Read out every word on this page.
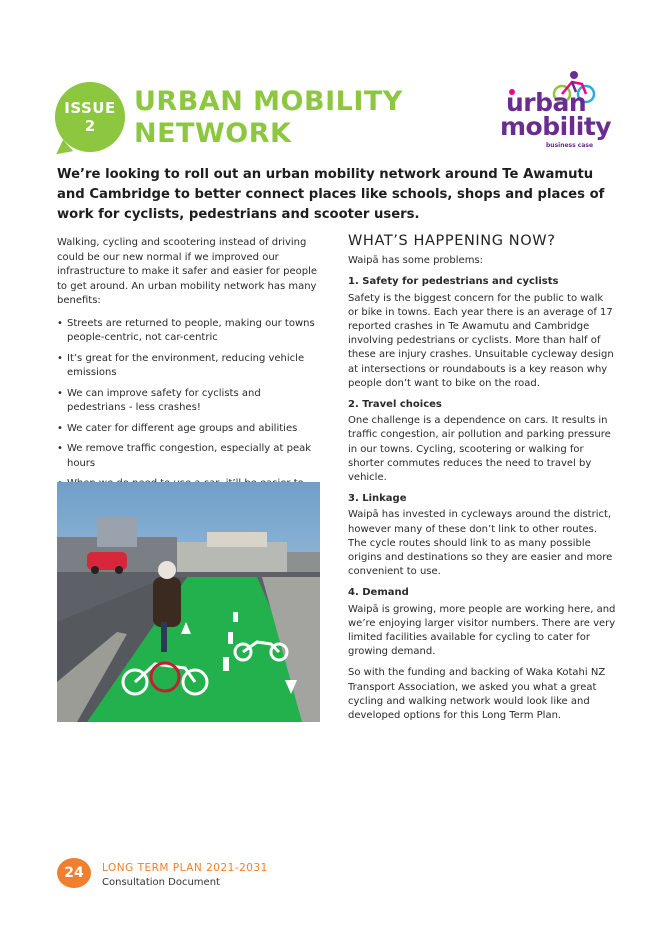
ISSUE
2
URBAN MOBILITY
NETWORK
urban
mobility
business case
We’re looking to roll out an urban mobility network around Te Awamutu and Cambridge to better connect places like schools, shops and places of work for cyclists, pedestrians and scooter users.

Walking, cycling and scootering instead of driving could be our new normal if we improved our infrastructure to make it safer and easier for people to get around. An urban mobility network has many benefits:

• Streets are returned to people, making our towns people-centric, not car-centric
• It’s great for the environment, reducing vehicle emissions
• We can improve safety for cyclists and pedestrians - less crashes!
• We cater for different age groups and abilities
• We remove traffic congestion, especially at peak hours
•
WHAT’S HAPPENING NOW?

Waipā has some problems:

1. Safety for pedestrians and cyclists

Safety is the biggest concern for the public to walk or bike in towns. Each year there is an average of 17 reported crashes in Te Awamutu and Cambridge involving pedestrians or cyclists. More than half of these are injury crashes. Unsuitable cycleway design at intersections or roundabouts is a key reason why people don’t want to bike on the road.

2. Travel choices

One challenge is a dependence on cars. It results in traffic congestion, air pollution and parking pressure in our towns. Cycling, scootering or walking for shorter commutes reduces the need to travel by vehicle.

3. Linkage

Waipā has invested in cycleways around the district, however many of these don’t link to other routes. The cycle routes should link to as many possible origins and destinations so they are easier and more convenient to use.

4. Demand

Waipā is growing, more people are working here, and we’re enjoying larger visitor numbers. There are very limited facilities available for cycling to cater for growing demand.

So with the funding and backing of Waka Kotahi NZ Transport Association, we asked you what a great cycling and walking network would look like and developed options for this Long Term Plan.

24	LONG TERM PLAN 2021-2031
Consultation Document
